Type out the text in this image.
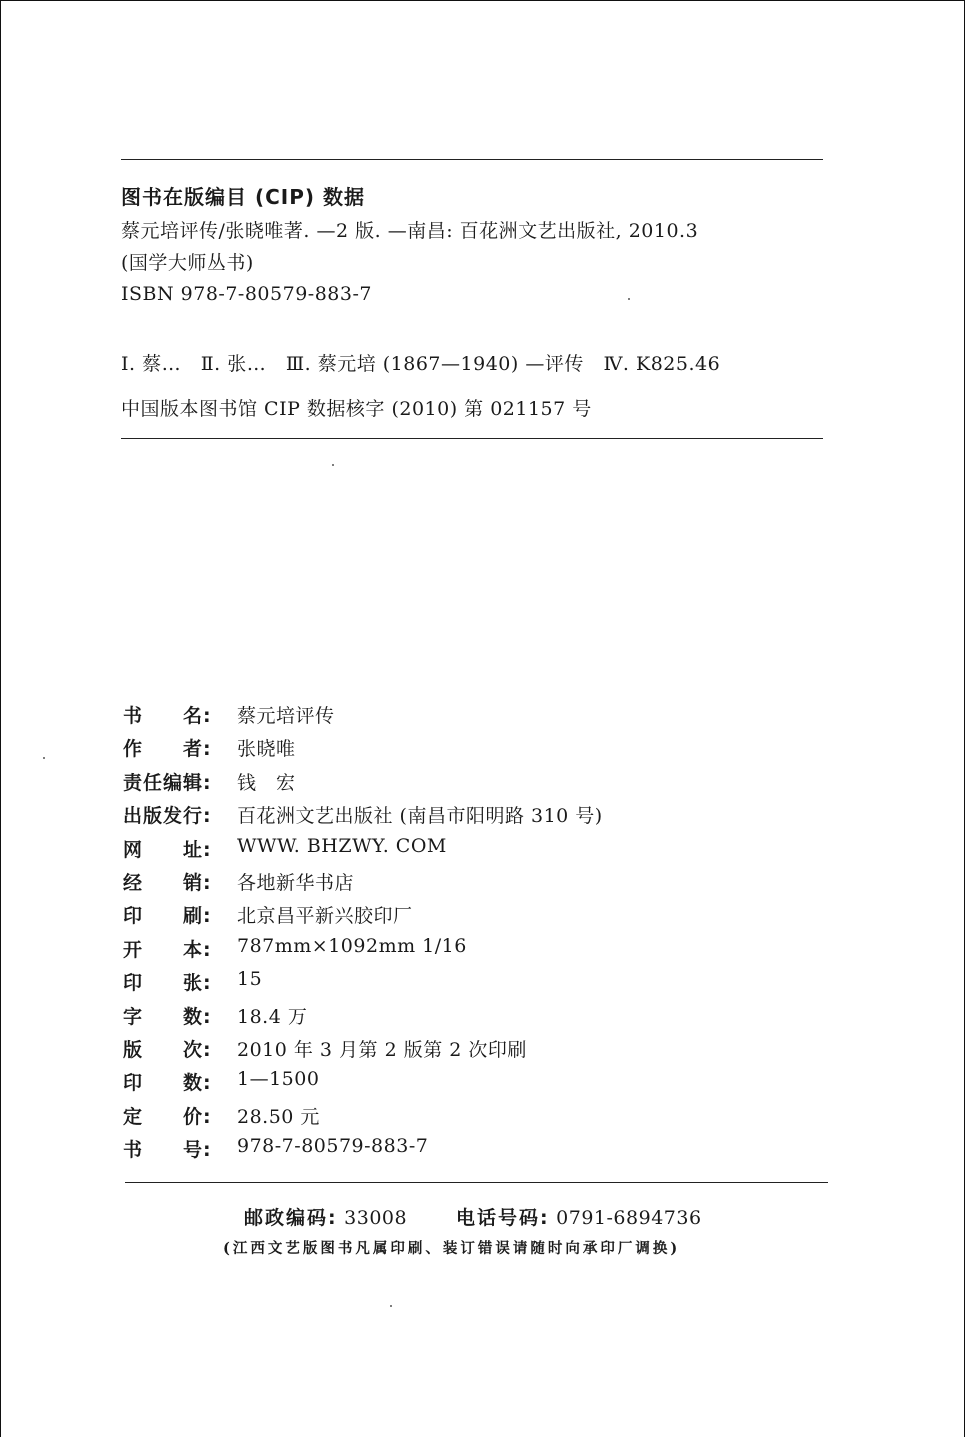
图书在版编目 (CIP) 数据
蔡元培评传/张晓唯著. —2 版. —南昌: 百花洲文艺出版社, 2010.3
(国学大师丛书)
ISBN 978-7-80579-883-7
Ⅰ. 蔡…   Ⅱ. 张…   Ⅲ. 蔡元培 (1867—1940) —评传   Ⅳ. K825.46
中国版本图书馆 CIP 数据核字 (2010) 第 021157 号
书　　名:	蔡元培评传
作　　者:	张晓唯
责任编辑:	钱　宏
出版发行:	百花洲文艺出版社 (南昌市阳明路 310 号)
网　　址:	WWW. BHZWY. COM
经　　销:	各地新华书店
印　　刷:	北京昌平新兴胶印厂
开　　本:	787mm×1092mm 1/16
印　　张:	15
字　　数:	18.4 万
版　　次:	2010 年 3 月第 2 版第 2 次印刷
印　　数:	1—1500
定　　价:	28.50 元
书　　号:	978-7-80579-883-7
邮政编码: 33008	电话号码: 0791-6894736
(江西文艺版图书凡属印刷、装订错误请随时向承印厂调换)
